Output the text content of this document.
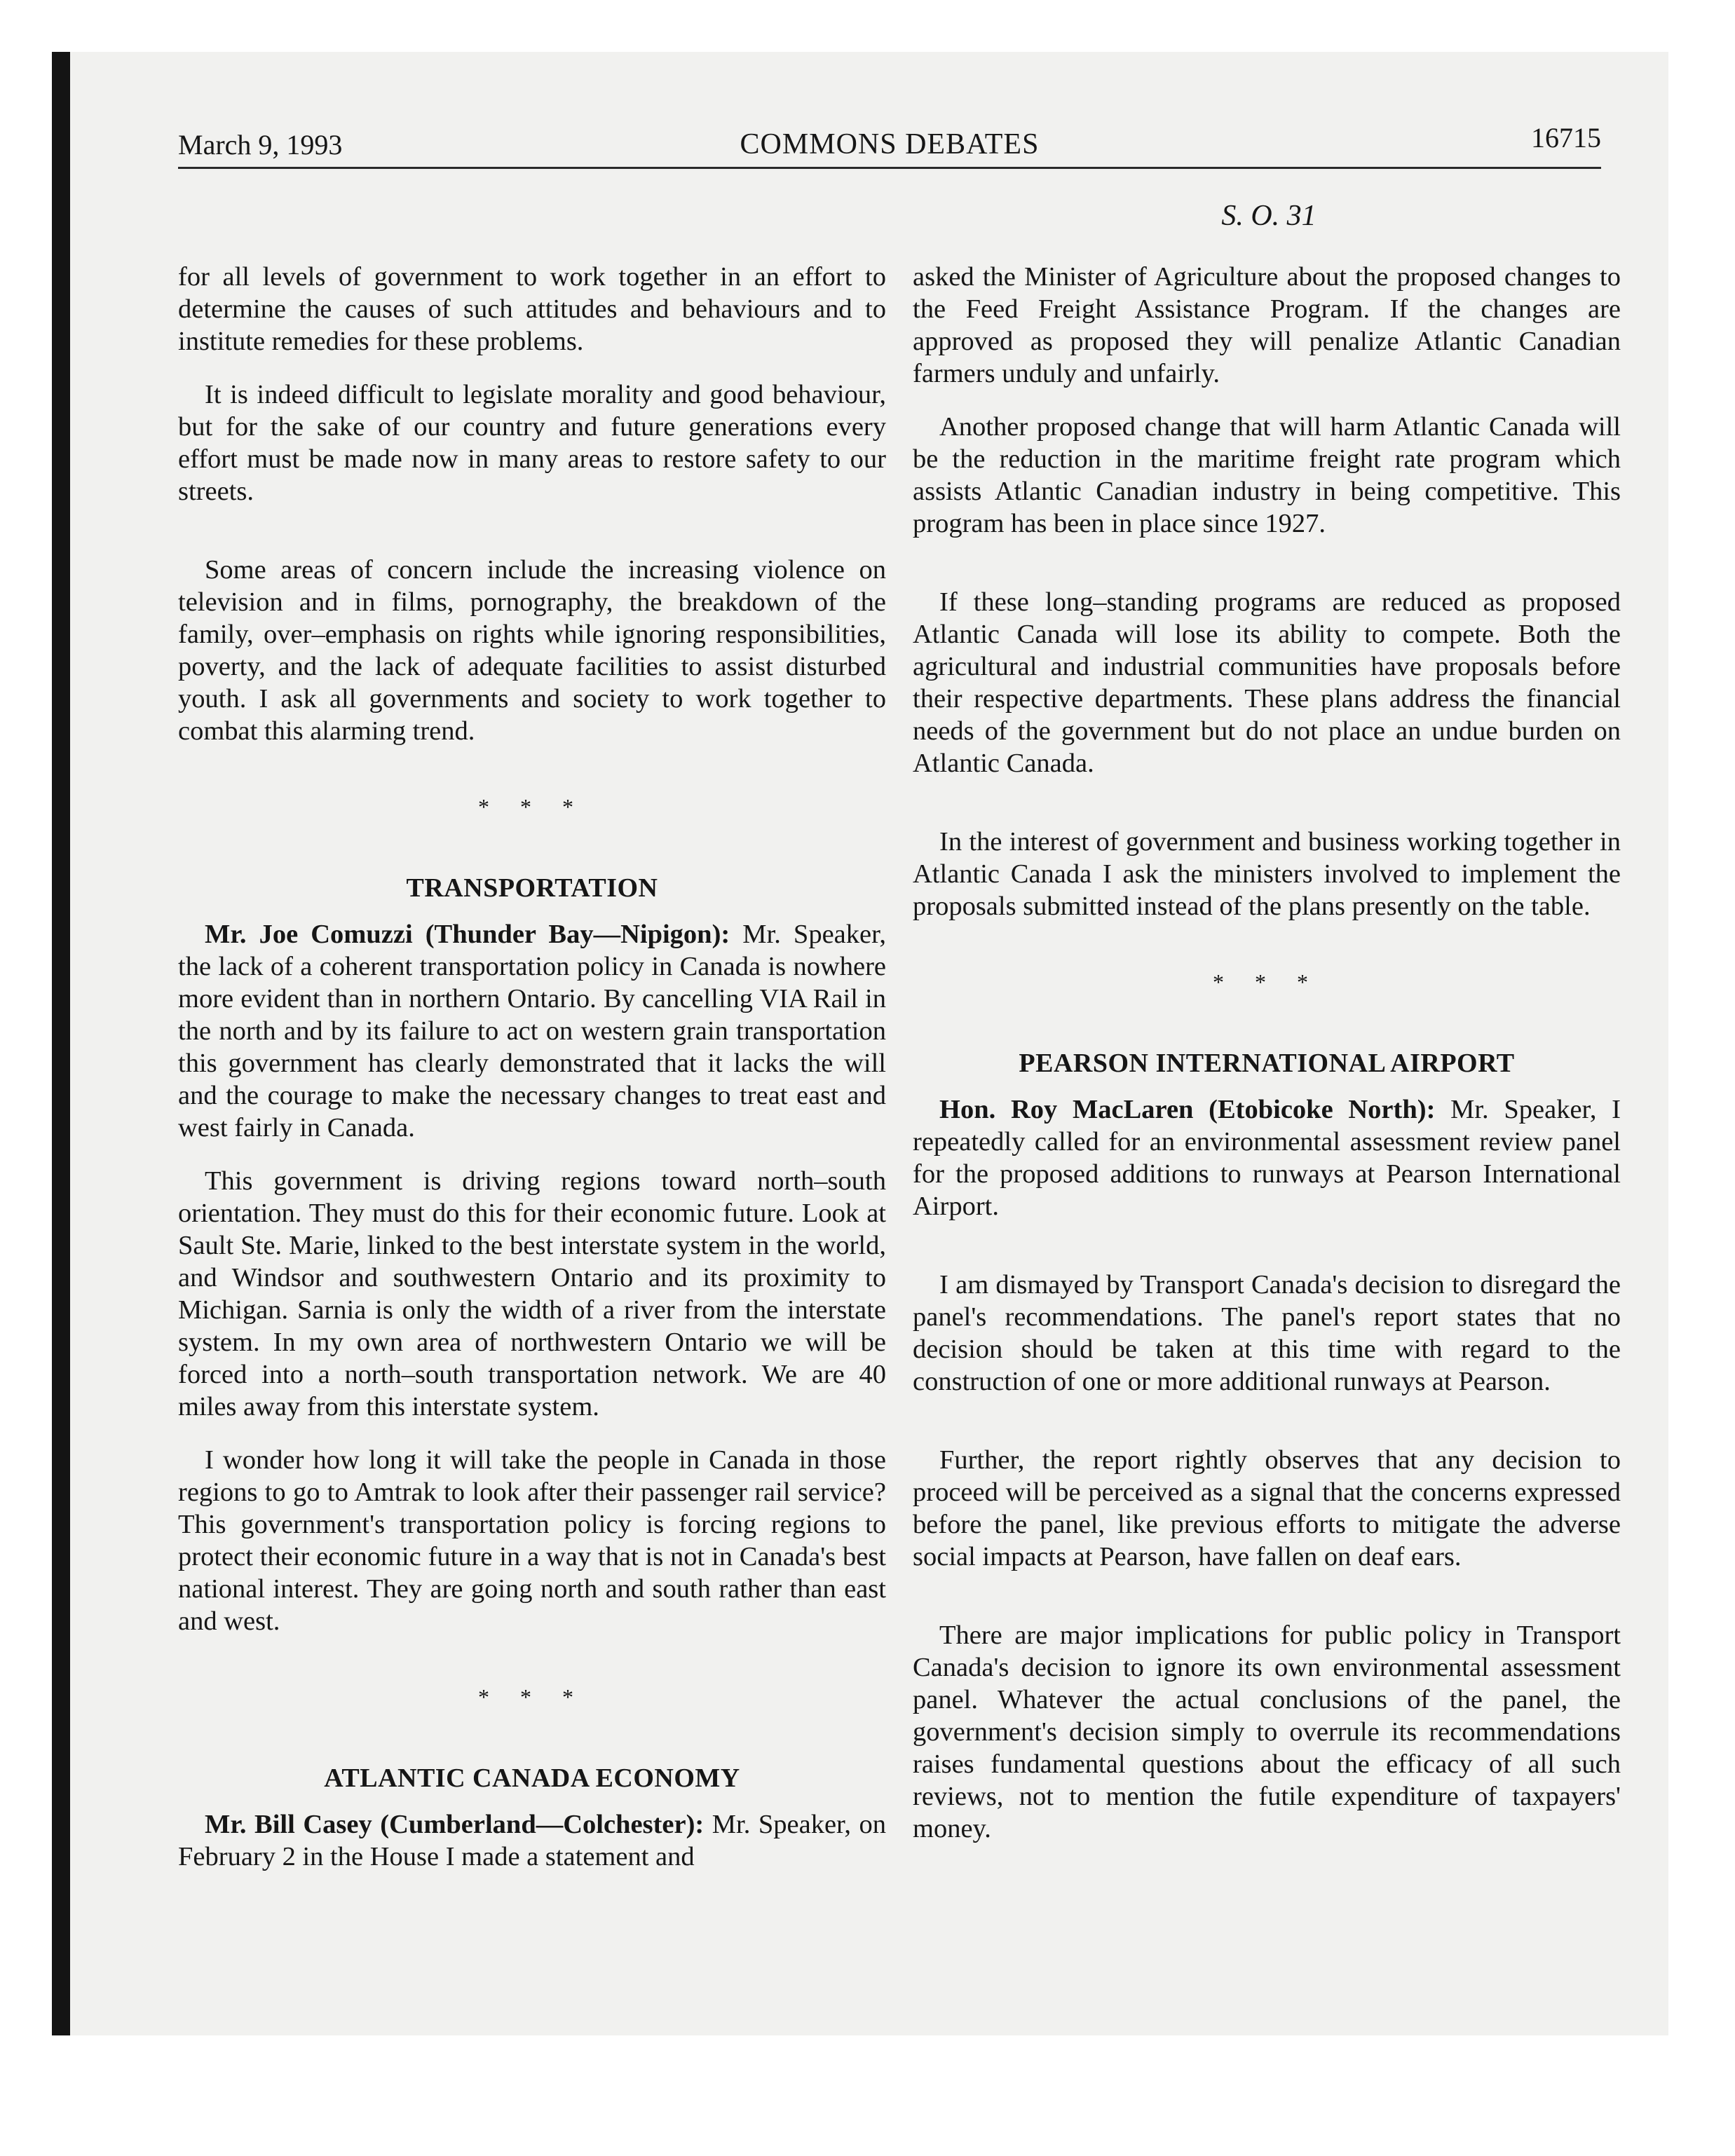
March 9, 1993	COMMONS DEBATES	16715
S. O. 31

for all levels of government to work together in an effort to determine the causes of such attitudes and behaviours and to institute remedies for these problems.

It is indeed difficult to legislate morality and good behaviour, but for the sake of our country and future generations every effort must be made now in many areas to restore safety to our streets.

Some areas of concern include the increasing violence on television and in films, pornography, the breakdown of the family, over–emphasis on rights while ignoring responsibilities, poverty, and the lack of adequate facilities to assist disturbed youth. I ask all governments and society to work together to combat this alarming trend.

* * *
TRANSPORTATION

Mr. Joe Comuzzi (Thunder Bay—Nipigon): Mr. Speaker, the lack of a coherent transportation policy in Canada is nowhere more evident than in northern Ontario. By cancelling VIA Rail in the north and by its failure to act on western grain transportation this government has clearly demonstrated that it lacks the will and the courage to make the necessary changes to treat east and west fairly in Canada.

This government is driving regions toward north–south orientation. They must do this for their economic future. Look at Sault Ste. Marie, linked to the best interstate system in the world, and Windsor and southwestern Ontario and its proximity to Michigan. Sarnia is only the width of a river from the interstate system. In my own area of northwestern Ontario we will be forced into a north–south transportation network. We are 40 miles away from this interstate system.

I wonder how long it will take the people in Canada in those regions to go to Amtrak to look after their passenger rail service? This government's transportation policy is forcing regions to protect their economic future in a way that is not in Canada's best national interest. They are going north and south rather than east and west.

* * *
ATLANTIC CANADA ECONOMY

Mr. Bill Casey (Cumberland—Colchester): Mr. Speaker, on February 2 in the House I made a statement and

asked the Minister of Agriculture about the proposed changes to the Feed Freight Assistance Program. If the changes are approved as proposed they will penalize Atlantic Canadian farmers unduly and unfairly.

Another proposed change that will harm Atlantic Canada will be the reduction in the maritime freight rate program which assists Atlantic Canadian industry in being competitive. This program has been in place since 1927.

If these long–standing programs are reduced as proposed Atlantic Canada will lose its ability to compete. Both the agricultural and industrial communities have proposals before their respective departments. These plans address the financial needs of the government but do not place an undue burden on Atlantic Canada.

In the interest of government and business working together in Atlantic Canada I ask the ministers involved to implement the proposals submitted instead of the plans presently on the table.

* * *
PEARSON INTERNATIONAL AIRPORT

Hon. Roy MacLaren (Etobicoke North): Mr. Speaker, I repeatedly called for an environmental assessment review panel for the proposed additions to runways at Pearson International Airport.

I am dismayed by Transport Canada's decision to disregard the panel's recommendations. The panel's report states that no decision should be taken at this time with regard to the construction of one or more additional runways at Pearson.

Further, the report rightly observes that any decision to proceed will be perceived as a signal that the concerns expressed before the panel, like previous efforts to mitigate the adverse social impacts at Pearson, have fallen on deaf ears.

There are major implications for public policy in Transport Canada's decision to ignore its own environmental assessment panel. Whatever the actual conclusions of the panel, the government's decision simply to overrule its recommendations raises fundamental questions about the efficacy of all such reviews, not to mention the futile expenditure of taxpayers' money.
